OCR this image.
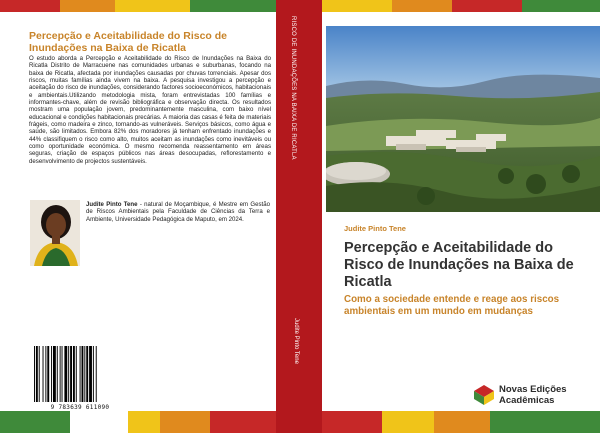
Percepção e Aceitabilidade do Risco de Inundações na Baixa de Ricatla
O estudo aborda a Percepção e Aceitabilidade do Risco de Inundações na Baixa do Ricatla Distrito de Marracuene nas comunidades urbanas e suburbanas, focando na baixa de Ricatla, afectada por inundações causadas por chuvas torrenciais. Apesar dos riscos, muitas famílias ainda vivem na baixa. A pesquisa investigou a percepção e aceitação do risco de inundações, considerando factores socioeconómicos, habitacionais e ambientais.Utilizando metodologia mista, foram entrevistadas 100 famílias e informantes-chave, além de revisão bibliográfica e observação directa. Os resultados mostram uma população jovem, predominantemente masculina, com baixo nível educacional e condições habitacionais precárias. A maioria das casas é feita de materiais frágeis, como madeira e zinco, tornando-as vulneráveis. Serviços básicos, como água e saúde, são limitados. Embora 82% dos moradores já tenham enfrentado inundações e 44% classifiquem o risco como alto, muitos aceitam as inundações como inevitáveis ou como oportunidade económica. O mesmo recomenda reassentamento em áreas seguras, criação de espaços públicos nas áreas desocupadas, reflorestamento e desenvolvimento de projectos sustentáveis.
Judite Pinto Tene - natural de Moçambique, é Mestre em Gestão de Riscos Ambientais pela Faculdade de Ciências da Terra e Ambiente, Universidade Pedagógica de Maputo, em 2024.
9 783639 611090
RISCO DE INUNDAÇÕES NA BAIXA DE RICATLA
Judite Pinto Tene
Judite Pinto Tene
Percepção e Aceitabilidade do Risco de Inundações na Baixa de Ricatla
Como a sociedade entende e reage aos riscos ambientais em um mundo em mudanças
Novas Edições
Acadêmicas
